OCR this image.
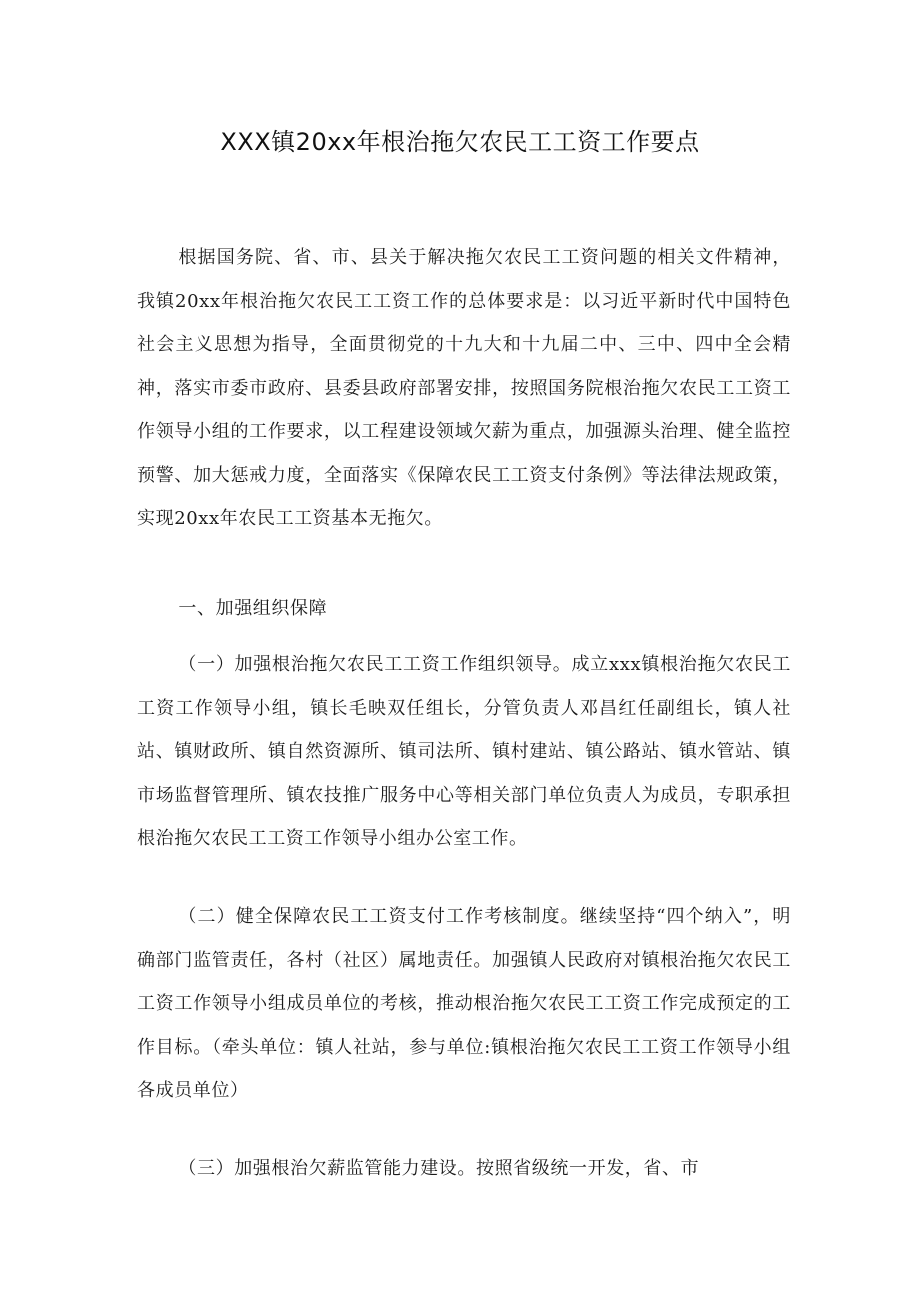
XXX镇20xx年根治拖欠农民工工资工作要点

根据国务院、省、市、县关于解决拖欠农民工工资问题的相关文件精神，我镇20xx年根治拖欠农民工工资工作的总体要求是：以习近平新时代中国特色社会主义思想为指导，全面贯彻党的十九大和十九届二中、三中、四中全会精神，落实市委市政府、县委县政府部署安排，按照国务院根治拖欠农民工工资工作领导小组的工作要求，以工程建设领域欠薪为重点，加强源头治理、健全监控预警、加大惩戒力度，全面落实《保障农民工工资支付条例》等法律法规政策，实现20xx年农民工工资基本无拖欠。

一、加强组织保障

（一）加强根治拖欠农民工工资工作组织领导。成立xxx镇根治拖欠农民工工资工作领导小组，镇长毛映双任组长，分管负责人邓昌红任副组长，镇人社站、镇财政所、镇自然资源所、镇司法所、镇村建站、镇公路站、镇水管站、镇市场监督管理所、镇农技推广服务中心等相关部门单位负责人为成员，专职承担根治拖欠农民工工资工作领导小组办公室工作。

（二）健全保障农民工工资支付工作考核制度。继续坚持“四个纳入”，明确部门监管责任，各村（社区）属地责任。加强镇人民政府对镇根治拖欠农民工工资工作领导小组成员单位的考核，推动根治拖欠农民工工资工作完成预定的工作目标。（牵头单位：镇人社站，参与单位:镇根治拖欠农民工工资工作领导小组各成员单位）

（三）加强根治欠薪监管能力建设。按照省级统一开发，省、市
